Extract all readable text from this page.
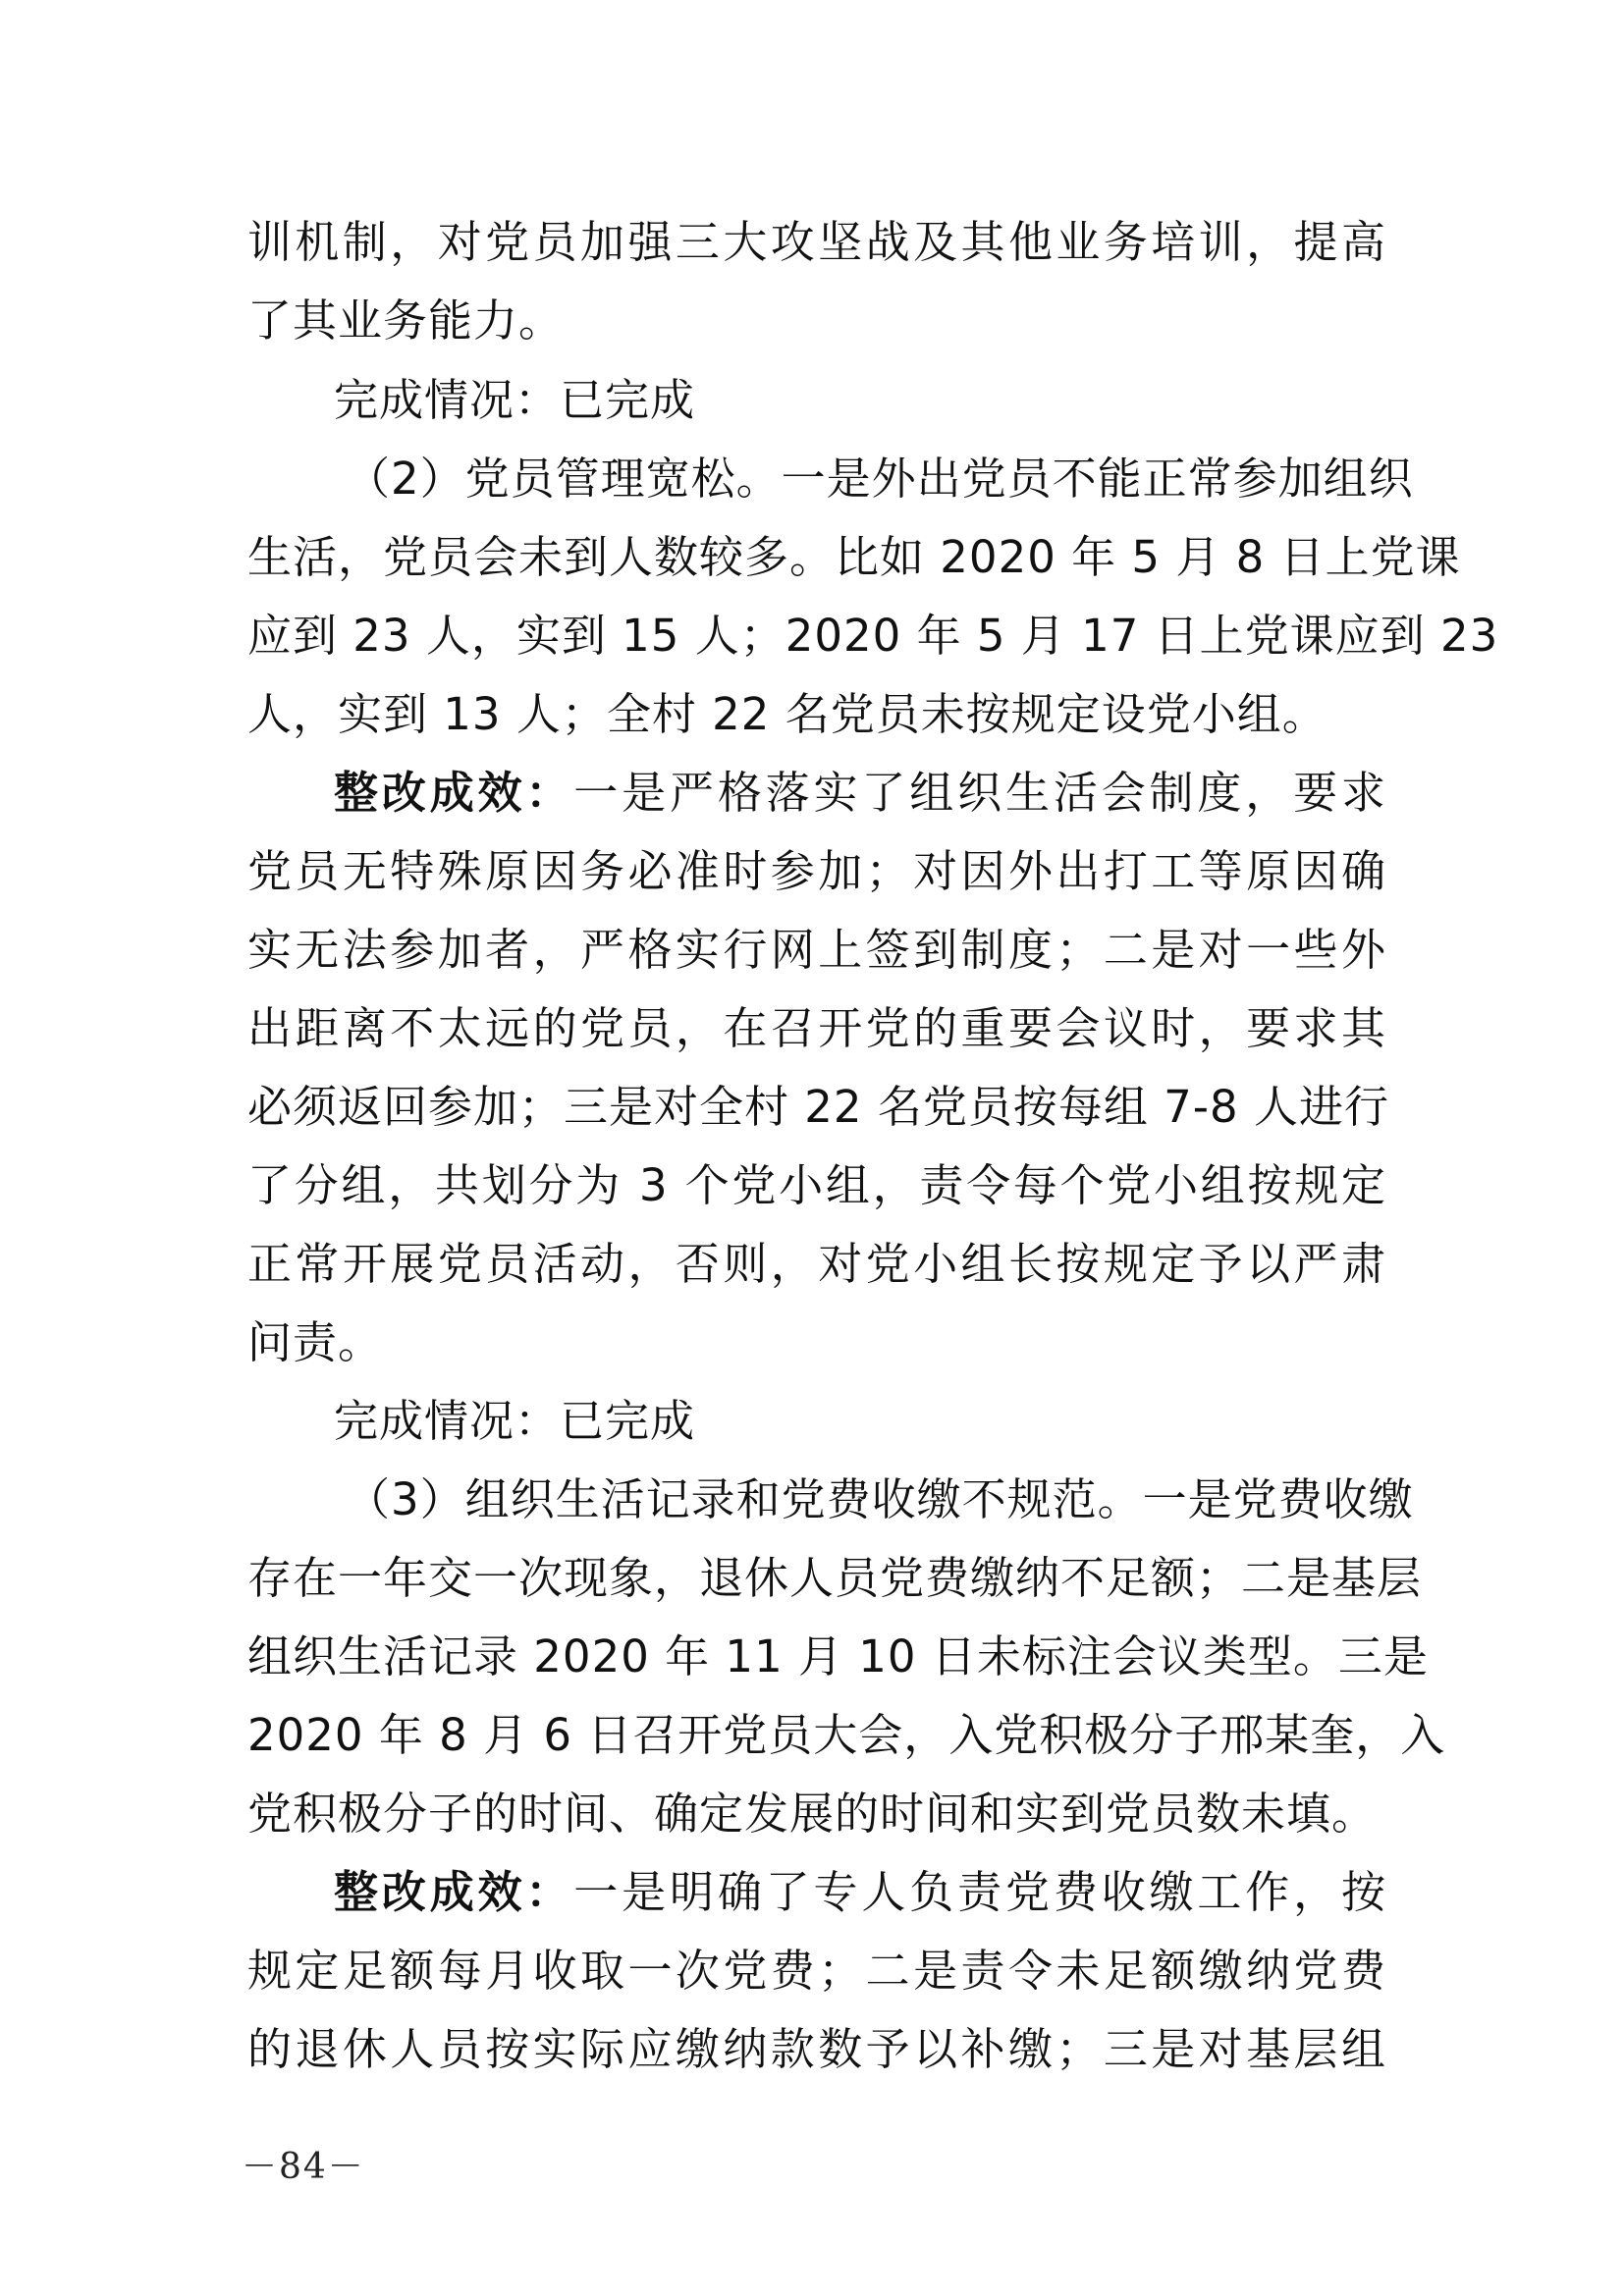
训机制，对党员加强三大攻坚战及其他业务培训，提高
了其业务能力。
完成情况：已完成
（2）党员管理宽松。一是外出党员不能正常参加组织
生活，党员会未到人数较多。比如 2020 年 5 月 8 日上党课
应到 23 人，实到 15 人；2020 年 5 月 17 日上党课应到 23
人，实到 13 人；全村 22 名党员未按规定设党小组。
整改成效：一是严格落实了组织生活会制度，要求
党员无特殊原因务必准时参加；对因外出打工等原因确
实无法参加者，严格实行网上签到制度；二是对一些外
出距离不太远的党员，在召开党的重要会议时，要求其
必须返回参加；三是对全村 22 名党员按每组 7-8 人进行
了分组，共划分为 3 个党小组，责令每个党小组按规定
正常开展党员活动，否则，对党小组长按规定予以严肃
问责。
完成情况：已完成
（3）组织生活记录和党费收缴不规范。一是党费收缴
存在一年交一次现象，退休人员党费缴纳不足额；二是基层
组织生活记录 2020 年 11 月 10 日未标注会议类型。三是
2020 年 8 月 6 日召开党员大会，入党积极分子邢某奎，入
党积极分子的时间、确定发展的时间和实到党员数未填。
整改成效：一是明确了专人负责党费收缴工作，按
规定足额每月收取一次党费；二是责令未足额缴纳党费
的退休人员按实际应缴纳款数予以补缴；三是对基层组
－84－
